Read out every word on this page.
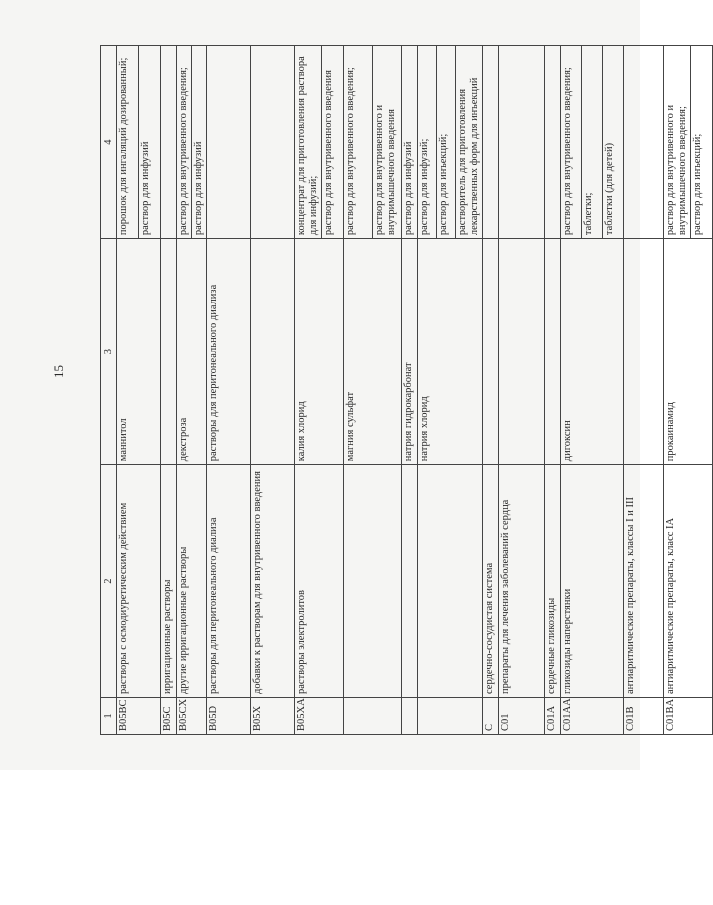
15
1	2	3	4
B05BC	растворы с осмодиуретическим действием	маннитол	порошок для ингаляций дозированный;
			раствор для инфузий
B05C	ирригационные растворы		
B05CX	другие ирригационные растворы	декстроза	раствор для внутривенного введения;
			раствор для инфузий
B05D	растворы для перитонеального диализа	растворы для перитонеального диализа	
B05X	добавки к растворам для внутривенного введения		
B05XA	растворы электролитов	калия хлорид	концентрат для приготовления раствора для инфузий;
			раствор для внутривенного введения
		магния сульфат	раствор для внутривенного введения;
			раствор для внутривенного и внутримышечного введения
		натрия гидрокарбонат	раствор для инфузий
		натрия хлорид	раствор для инфузий;
			раствор для инъекций;
			растворитель для приготовления лекарственных форм для инъекций
C	сердечно-сосудистая система		
C01	препараты для лечения заболеваний сердца		
C01A	сердечные гликозиды		
C01AA	гликозиды наперстянки	дигоксин	раствор для внутривенного введения;
			таблетки;
			таблетки (для детей)
C01B	антиаритмические препараты, классы I и III		
C01BA	антиаритмические препараты, класс IA	прокаинамид	раствор для внутривенного и внутримышечного введения;
			раствор для инъекций;
